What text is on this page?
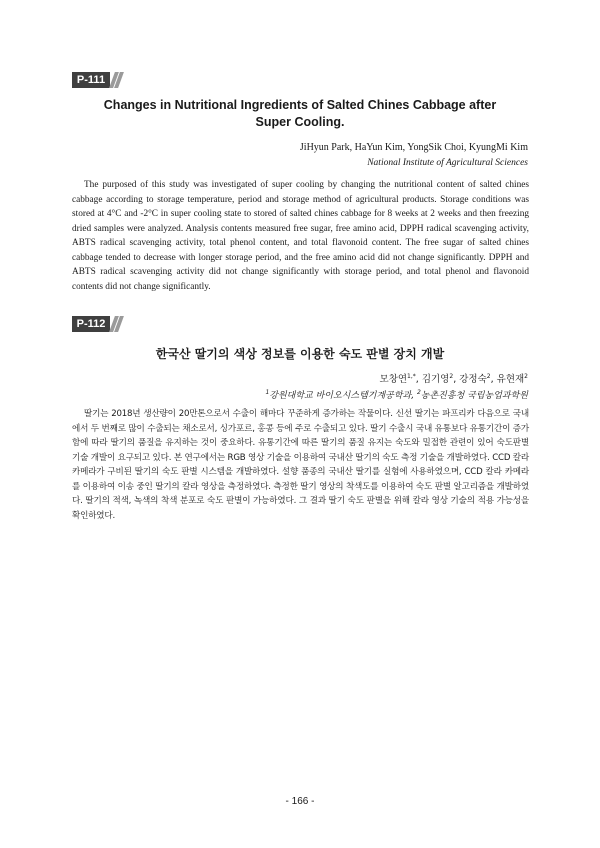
P-111
Changes in Nutritional Ingredients of Salted Chines Cabbage after Super Cooling.
JiHyun Park, HaYun Kim, YongSik Choi, KyungMi Kim
National Institute of Agricultural Sciences

The purposed of this study was investigated of super cooling by changing the nutritional content of salted chines cabbage according to storage temperature, period and storage method of agricultural products. Storage conditions was stored at 4°C and -2°C in super cooling state to stored of salted chines cabbage for 8 weeks at 2 weeks and then freezing dried samples were analyzed. Analysis contents measured free sugar, free amino acid, DPPH radical scavenging activity, ABTS radical scavenging activity, total phenol content, and total flavonoid content. The free sugar of salted chines cabbage tended to decrease with longer storage period, and the free amino acid did not change significantly. DPPH and ABTS radical scavenging activity did not change significantly with storage period, and total phenol and flavonoid contents did not change significantly.

P-112
한국산 딸기의 색상 정보를 이용한 숙도 판별 장치 개발
모창연$^{1,*}$, 김기영$^2$, 강정숙$^2$, 유현재$^2$
$^1$강원대학교 바이오시스템기계공학과, $^2$농촌진흥청 국립농업과학원

딸기는 2018년 생산량이 20만톤으로서 수출이 해마다 꾸준하게 증가하는 작물이다. 신선 딸기는 파프리카 다음으로 국내에서 두 번째로 많이 수출되는 채소로서, 싱가포르, 홍콩 등에 주로 수출되고 있다. 딸기 수출시 국내 유통보다 유통기간이 증가함에 따라 딸기의 품질을 유지하는 것이 중요하다. 유통기간에 따른 딸기의 품질 유지는 숙도와 밀접한 관련이 있어 숙도판별 기술 개발이 요구되고 있다. 본 연구에서는 RGB 영상 기술을 이용하여 국내산 딸기의 숙도 측정 기술을 개발하였다. CCD 칼라 카메라가 구비된 딸기의 숙도 판별 시스템을 개발하였다. 설향 품종의 국내산 딸기를 실험에 사용하였으며, CCD 칼라 카메라를 이용하여 이송 중인 딸기의 칼라 영상을 측정하였다. 측정한 딸기 영상의 착색도를 이용하여 숙도 판별 알고리즘을 개발하였다. 딸기의 적색, 녹색의 착색 분포로 숙도 판별이 가능하였다. 그 결과 딸기 숙도 판별을 위해 칼라 영상 기술의 적용 가능성을 확인하였다.

- 166 -
